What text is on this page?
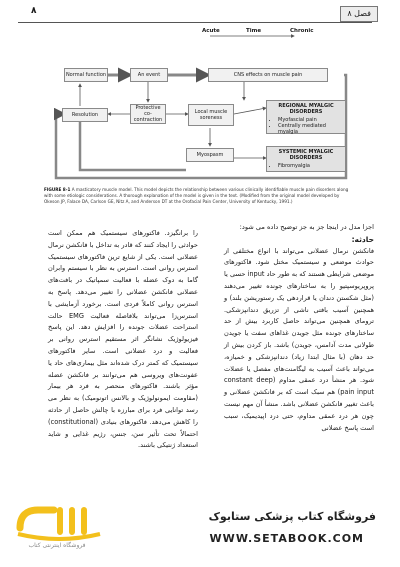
فصل ۸
۸
Acute	Time	Chronic
Normal function	An event	CNS effects on muscle pain
Resolution
Protective co-contraction
Local muscle soreness
Myospasm
REGIONAL MYALGIC DISORDERS
• Myofascial pain
• Centrally mediated myalgia
SYSTEMIC MYALGIC DISORDERS
• Fibromyalgia
FIGURE 8-1 A masticatory muscle model. This model depicts the relationship between various clinically identifiable muscle pain disorders along with some etiologic considerations. A thorough explanation of the model is given in the text. (Modified from the original model developed by Okeson JP, Falace DA, Carlson GE, Nitz A, and Anderson DT at the Orofacial Pain Center, University of Kentucky, 1991.)

اجزا مدل در اینجا جز به جز توضیح داده می شود:

حادثه:

فانکشن نرمال عضلانی می‌تواند با انواع مختلفی از حوادث موضعی و سیستمیک مختل شود. فاکتورهای موضعی شرایطی هستند که به طور حاد input حسی یا پروپریوسپتیو را به ساختارهای جونده تغییر می‌دهند (مثل شکستن دندان یا قراردهی یک رستوریشن بلند) و همچنین آسیب بافتی ناشی از تزریق دندانپزشکی. ترومای همچنین می‌تواند حاصل کاربرد بیش از حد ساختارهای جونده مثل جویدن غذاهای سفت یا جویدن طولانی مدت آدامس، جویدن) باشد. باز کردن بیش از حد دهان (با مثال ابتدا زیاد) دندانپزشکی و خمیازه، می‌تواند باعث آسیب به لیگامنت‌های مفصل یا عضلات شود. هر منشأ درد عمقی مداوم (constant deep pain input) هم سبک است که بر فانکشن عضلانی و باعث تغییر فانکشن عضلانی باشد. منشأ آن مهم نیست چون هر درد عمقی مداوم، حتی درد اپیدیمیک، سبب است پاسخ عضلانی

را برانگیزد. فاکتورهای سیستمیک هم ممکن است حوادثی را ایجاد کنند که قادر به تداخل با فانکشن نرمال عضلانی است. یکی از شایع ترین فاکتورهای سیستمیک استرس روانی است. استرس به نظر با سیستم وابران گاما به دوک عضله با فعالیت سمپاتیک در بافت‌های عضلانی فانکشن عضلانی را تغییر می‌دهد. پاسخ به استرس روانی کاملاً فردی است. برخورد آزمایشی با استرس‌زا می‌تواند بلافاصله فعالیت EMG حالت استراحت عضلات جونده را افزایش دهد. این پاسخ فیزیولوژیک نشانگر اثر مستقیم استرس روانی بر فعالیت و درد عضلانی است. سایر فاکتورهای سیستمیک که کمتر درک شده‌اند مثل بیماری‌های حاد یا عفونت‌های ویروسی هم می‌توانند بر فانکشن عضله مؤثر باشند. فاکتورهای منحصر به فرد هر بیمار (مقاومت ایمونولوژیک و بالانس اتونومیک) به نظر می رسد توانایی فرد برای مبارزه با چالش حاصل از حادثه را کاهش می‌دهد. فاکتورهای بنیادی (constitutional) احتمالاً تحت تأثیر سن، جنس، رژیم غذایی و شاید استعداد ژنتیکی باشند.

ستابوک
فروشگاه اینترنتی کتاب
فروشگاه کتاب پزشکی ستابوک
WWW.SETABOOK.COM
